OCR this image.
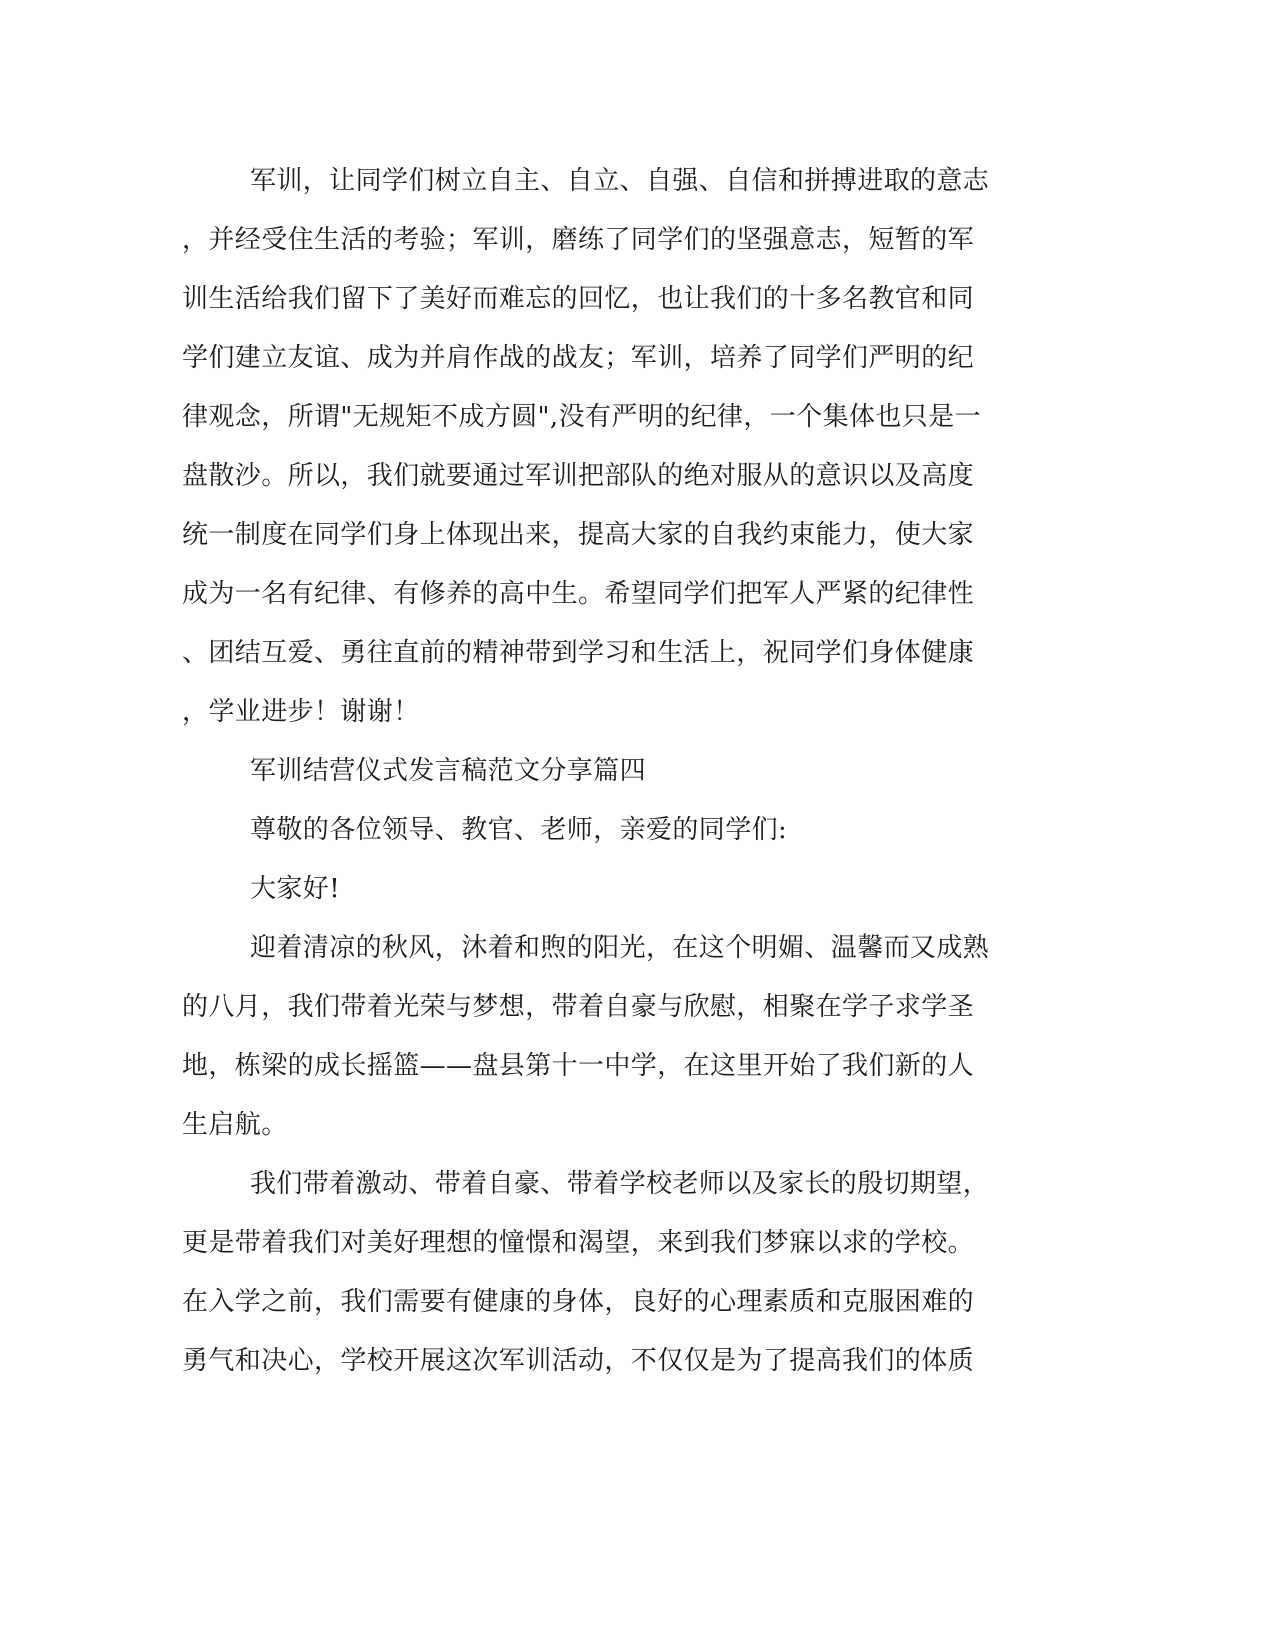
军训，让同学们树立自主、自立、自强、自信和拼搏进取的意志
，并经受住生活的考验；军训，磨练了同学们的坚强意志，短暂的军
训生活给我们留下了美好而难忘的回忆，也让我们的十多名教官和同
学们建立友谊、成为并肩作战的战友；军训，培养了同学们严明的纪
律观念，所谓"无规矩不成方圆",没有严明的纪律，一个集体也只是一
盘散沙。所以，我们就要通过军训把部队的绝对服从的意识以及高度
统一制度在同学们身上体现出来，提高大家的自我约束能力，使大家
成为一名有纪律、有修养的高中生。希望同学们把军人严紧的纪律性
、团结互爱、勇往直前的精神带到学习和生活上，祝同学们身体健康
，学业进步！谢谢！
军训结营仪式发言稿范文分享篇四
尊敬的各位领导、教官、老师，亲爱的同学们:
大家好!
迎着清凉的秋风，沐着和煦的阳光，在这个明媚、温馨而又成熟
的八月，我们带着光荣与梦想，带着自豪与欣慰，相聚在学子求学圣
地，栋梁的成长摇篮——盘县第十一中学，在这里开始了我们新的人
生启航。
我们带着激动、带着自豪、带着学校老师以及家长的殷切期望，
更是带着我们对美好理想的憧憬和渴望，来到我们梦寐以求的学校。
在入学之前，我们需要有健康的身体，良好的心理素质和克服困难的
勇气和决心，学校开展这次军训活动，不仅仅是为了提高我们的体质
